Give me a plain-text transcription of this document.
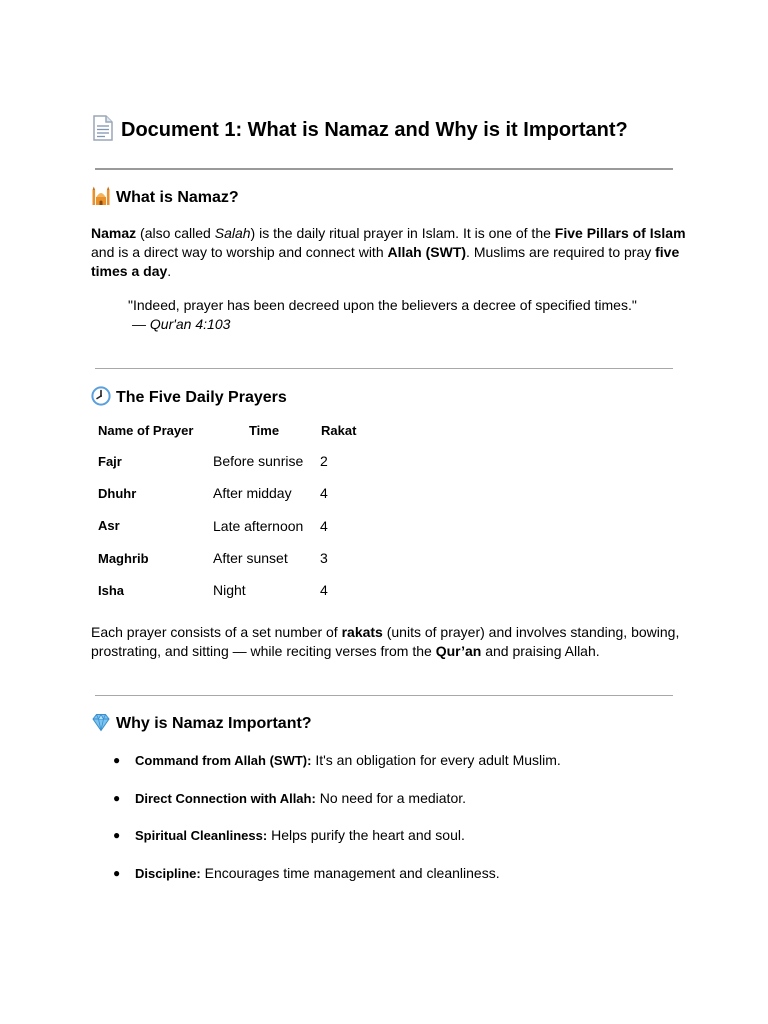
Document 1: What is Namaz and Why is it Important?
What is Namaz?

Namaz (also called Salah) is the daily ritual prayer in Islam. It is one of the Five Pillars of Islam
and is a direct way to worship and connect with Allah (SWT). Muslims are required to pray five
times a day.

"Indeed, prayer has been decreed upon the believers a decree of specified times."
— Qur'an 4:103
The Five Daily Prayers
Name of Prayer	Time	Rakat
Fajr	Before sunrise	2
Dhuhr	After midday	4
Asr	Late afternoon	4
Maghrib	After sunset	3
Isha	Night	4

Each prayer consists of a set number of rakats (units of prayer) and involves standing, bowing,
prostrating, and sitting — while reciting verses from the Qur’an and praising Allah.

Why is Namaz Important?
● Command from Allah (SWT): It's an obligation for every adult Muslim.
● Direct Connection with Allah: No need for a mediator.
● Spiritual Cleanliness: Helps purify the heart and soul.
● Discipline: Encourages time management and cleanliness.
